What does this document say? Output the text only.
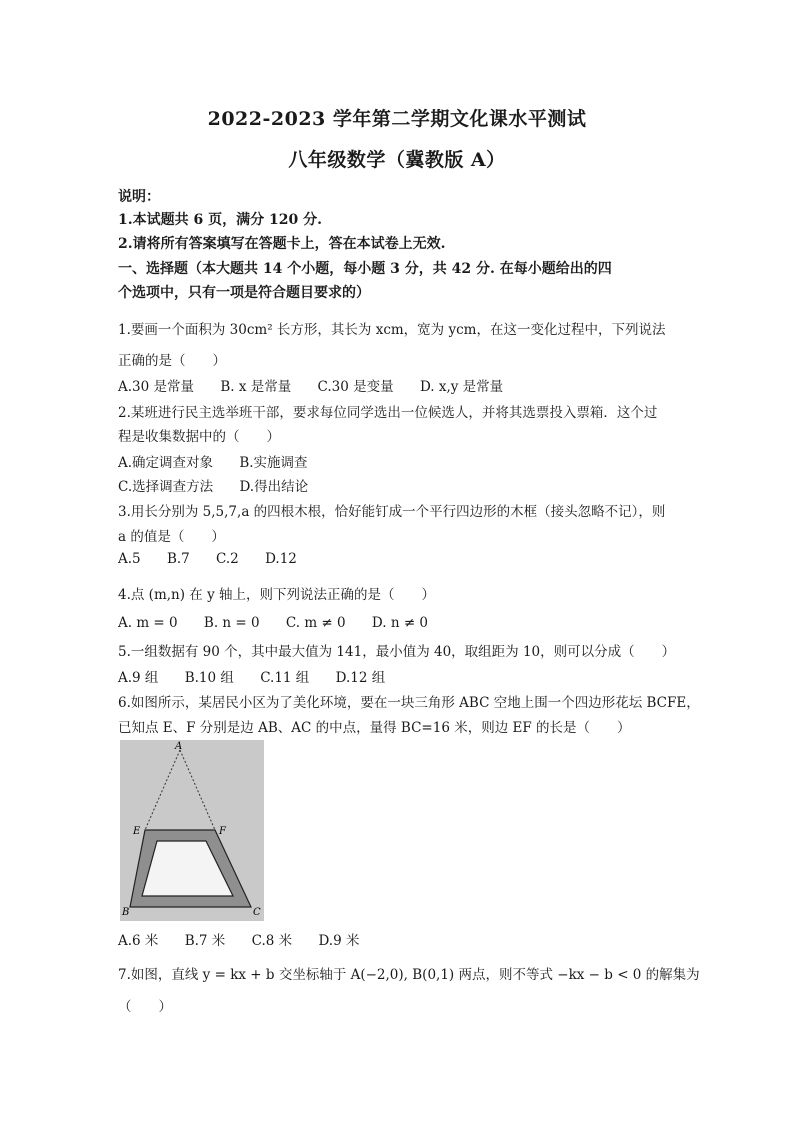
2022-2023 学年第二学期文化课水平测试
八年级数学（冀教版 A）
说明：
1.本试题共 6 页，满分 120 分.
2.请将所有答案填写在答题卡上，答在本试卷上无效.
一、选择题（本大题共 14 个小题，每小题 3 分，共 42 分. 在每小题给出的四
个选项中，只有一项是符合题目要求的）
1.要画一个面积为 30cm² 长方形，其长为 xcm，宽为 ycm，在这一变化过程中，下列说法
正确的是（　　）
A.30 是常量 B. x 是常量 C.30 是变量 D. x,y 是常量
2.某班进行民主选举班干部，要求每位同学选出一位候选人，并将其选票投入票箱．这个过
程是收集数据中的（　　）
A.确定调查对象 B.实施调查
C.选择调查方法 D.得出结论
3.用长分别为 5,5,7,a 的四根木根，恰好能钉成一个平行四边形的木框（接头忽略不记），则
a 的值是（　　）
A.5 B.7 C.2 D.12
4.点 (m,n) 在 y 轴上，则下列说法正确的是（　　）
A. m = 0 B. n = 0 C. m ≠ 0 D. n ≠ 0
5.一组数据有 90 个，其中最大值为 141，最小值为 40，取组距为 10，则可以分成（　　）
A.9 组 B.10 组 C.11 组 D.12 组
6.如图所示，某居民小区为了美化环境，要在一块三角形 ABC 空地上围一个四边形花坛 BCFE，
已知点 E、F 分别是边 AB、AC 的中点，量得 BC=16 米，则边 EF 的长是（　　）
A
E	F
B	C
A.6 米 B.7 米 C.8 米 D.9 米
7.如图，直线 y = kx + b 交坐标轴于 A(−2,0), B(0,1) 两点，则不等式 −kx − b < 0 的解集为
（　　）
